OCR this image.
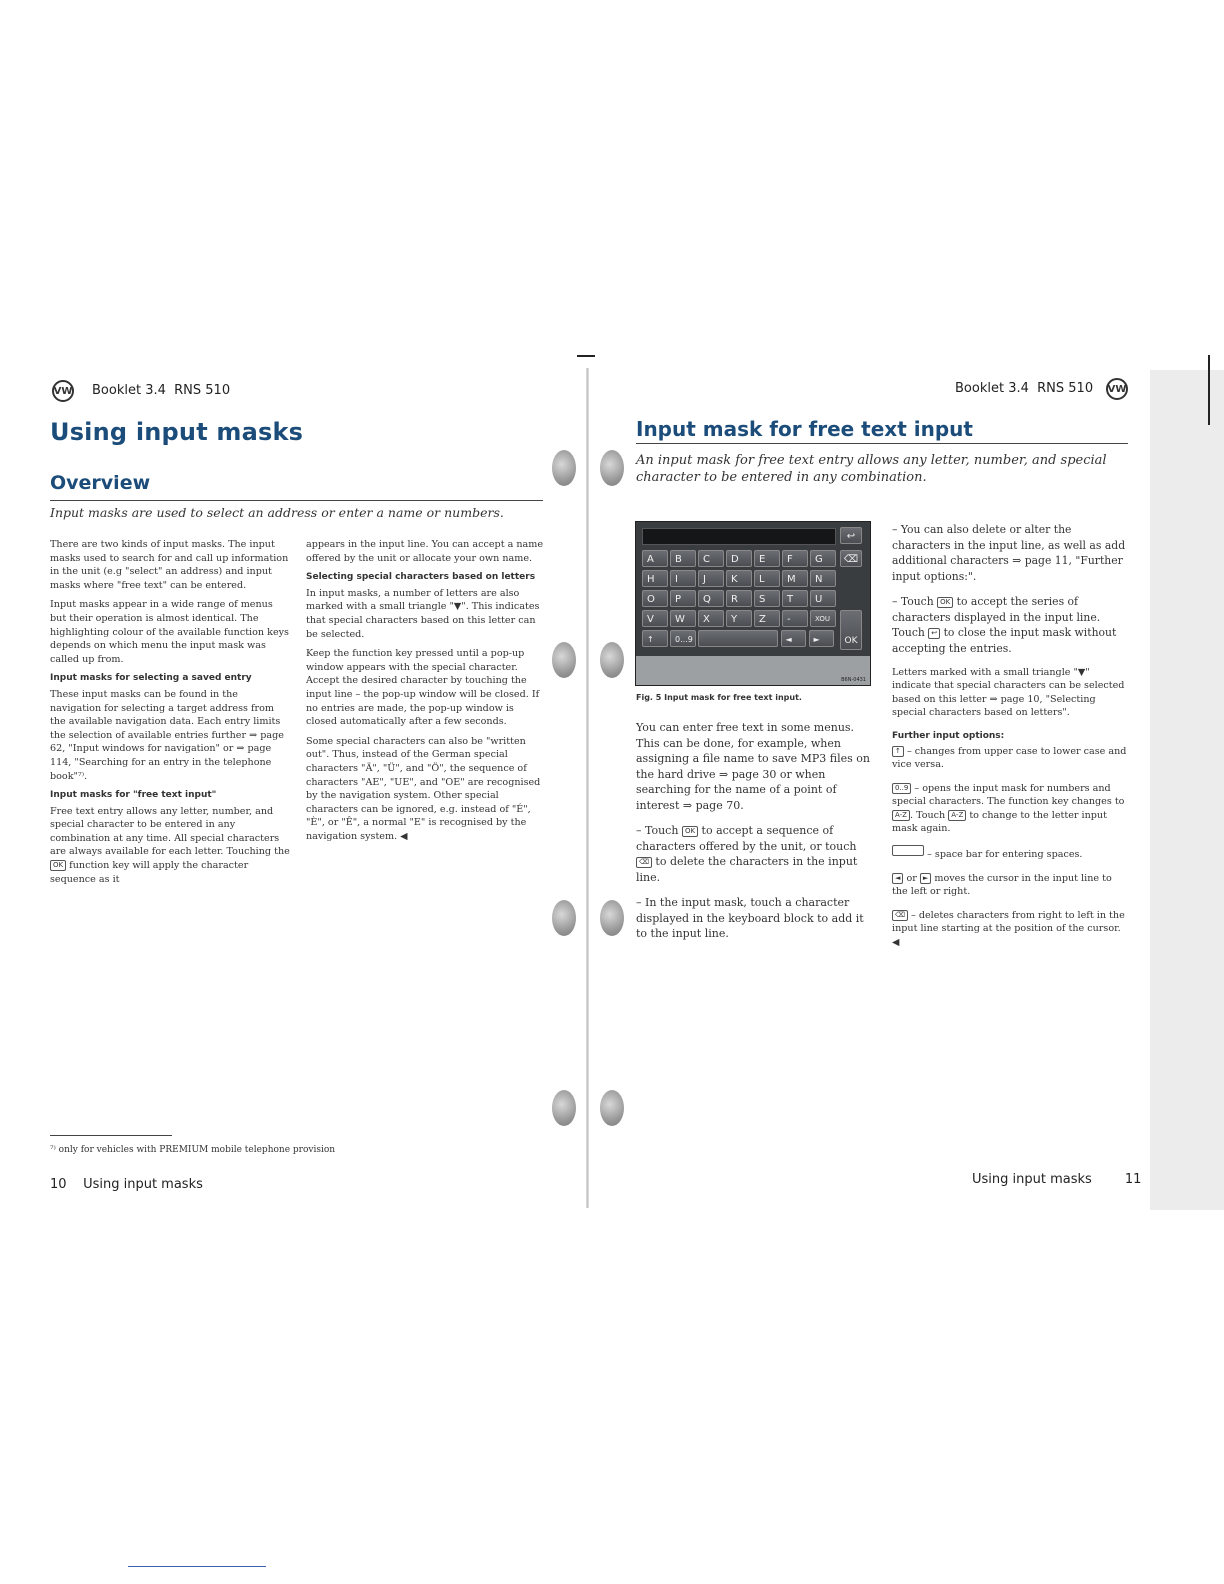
VW Booklet 3.4 RNS 510
Using input masks
Overview
Input masks are used to select an address or enter a name or numbers.

There are two kinds of input masks. The input masks used to search for and call up information in the unit (e.g "select" an address) and input masks where "free text" can be entered.

Input masks appear in a wide range of menus but their operation is almost identical. The highlighting colour of the available function keys depends on which menu the input mask was called up from.

Input masks for selecting a saved entry

These input masks can be found in the navigation for selecting a target address from the available navigation data. Each entry limits the selection of available entries further ⇒ page 62, "Input windows for navigation" or ⇒ page 114, "Searching for an entry in the telephone book"⁷⁾.

Input masks for "free text input"

Free text entry allows any letter, number, and special character to be entered in any combination at any time. All special characters are always available for each letter. Touching the OK function key will apply the character sequence as it

appears in the input line. You can accept a name offered by the unit or allocate your own name.

Selecting special characters based on letters

In input masks, a number of letters are also marked with a small triangle "▼". This indicates that special characters based on this letter can be selected.

Keep the function key pressed until a pop-up window appears with the special character. Accept the desired character by touching the input line – the pop-up window will be closed. If no entries are made, the pop-up window is closed automatically after a few seconds.

Some special characters can also be "written out". Thus, instead of the German special characters "Ä", "Ü", and "Ö", the sequence of characters "AE", "UE", and "OE" are recognised by the navigation system. Other special characters can be ignored, e.g. instead of "É", "È", or "Ê", a normal "E" is recognised by the navigation system. ◀

⁷⁾ only for vehicles with PREMIUM mobile telephone provision
10 Using input masks
Booklet 3.4 RNS 510 VW
Input mask for free text input
An input mask for free text entry allows any letter, number, and special character to be entered in any combination.
↩
A	B	C	D	E	F	G
H	I	J	K	L	M	N
O	P	Q	R	S	T	U
V	W	X	Y	Z	-	XOU
↑	0...9	◄	►
⌫
OK
B6N-0431
Fig. 5 Input mask for free text input.

You can enter free text in some menus. This can be done, for example, when assigning a file name to save MP3 files on the hard drive ⇒ page 30 or when searching for the name of a point of interest ⇒ page 70.

– Touch OK to accept a sequence of characters offered by the unit, or touch ⌫ to delete the characters in the input line.

– In the input mask, touch a character displayed in the keyboard block to add it to the input line.

– You can also delete or alter the characters in the input line, as well as add additional characters ⇒ page 11, "Further input options:".

– Touch OK to accept the series of characters displayed in the input line. Touch ↩ to close the input mask without accepting the entries.

Letters marked with a small triangle "▼" indicate that special characters can be selected based on this letter ⇒ page 10, "Selecting special characters based on letters".

Further input options:

↑ – changes from upper case to lower case and vice versa.

0..9 – opens the input mask for numbers and special characters. The function key changes to A-Z . Touch A-Z to change to the letter input mask again.

– space bar for entering spaces.

◄ or ► moves the cursor in the input line to the left or right.

⌫ – deletes characters from right to left in the input line starting at the position of the cursor. ◀

Using input masks	11
